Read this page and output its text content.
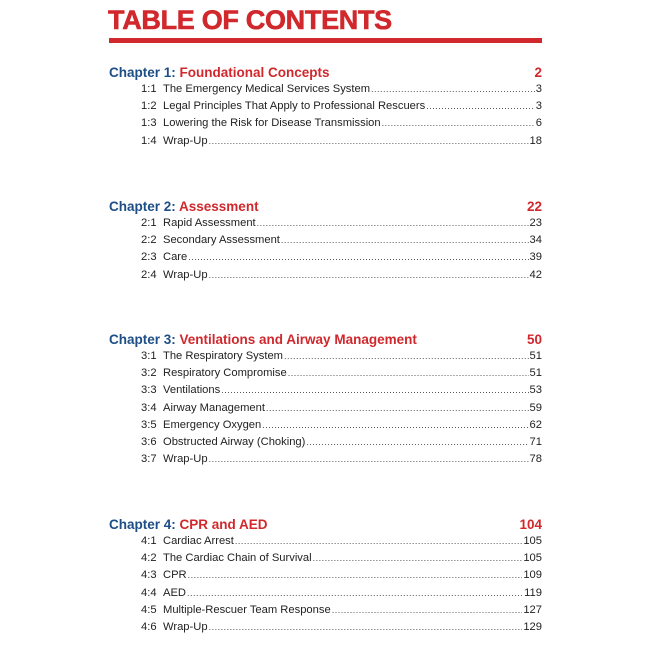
TABLE OF CONTENTS
Chapter 1: Foundational Concepts	2
1:1 The Emergency Medical Services System .....	3
1:2 Legal Principles That Apply to Professional Rescuers .....	3
1:3 Lowering the Risk for Disease Transmission .....	6
1:4 Wrap-Up .....	18
Chapter 2: Assessment	22
2:1 Rapid Assessment .....	23
2:2 Secondary Assessment .....	34
2:3 Care .....	39
2:4 Wrap-Up .....	42
Chapter 3: Ventilations and Airway Management	50
3:1 The Respiratory System .....	51
3:2 Respiratory Compromise .....	51
3:3 Ventilations .....	53
3:4 Airway Management .....	59
3:5 Emergency Oxygen .....	62
3:6 Obstructed Airway (Choking) .....	71
3:7 Wrap-Up .....	78
Chapter 4: CPR and AED	104
4:1 Cardiac Arrest .....	105
4:2 The Cardiac Chain of Survival .....	105
4:3 CPR .....	109
4:4 AED .....	119
4:5 Multiple-Rescuer Team Response .....	127
4:6 Wrap-Up .....	129
